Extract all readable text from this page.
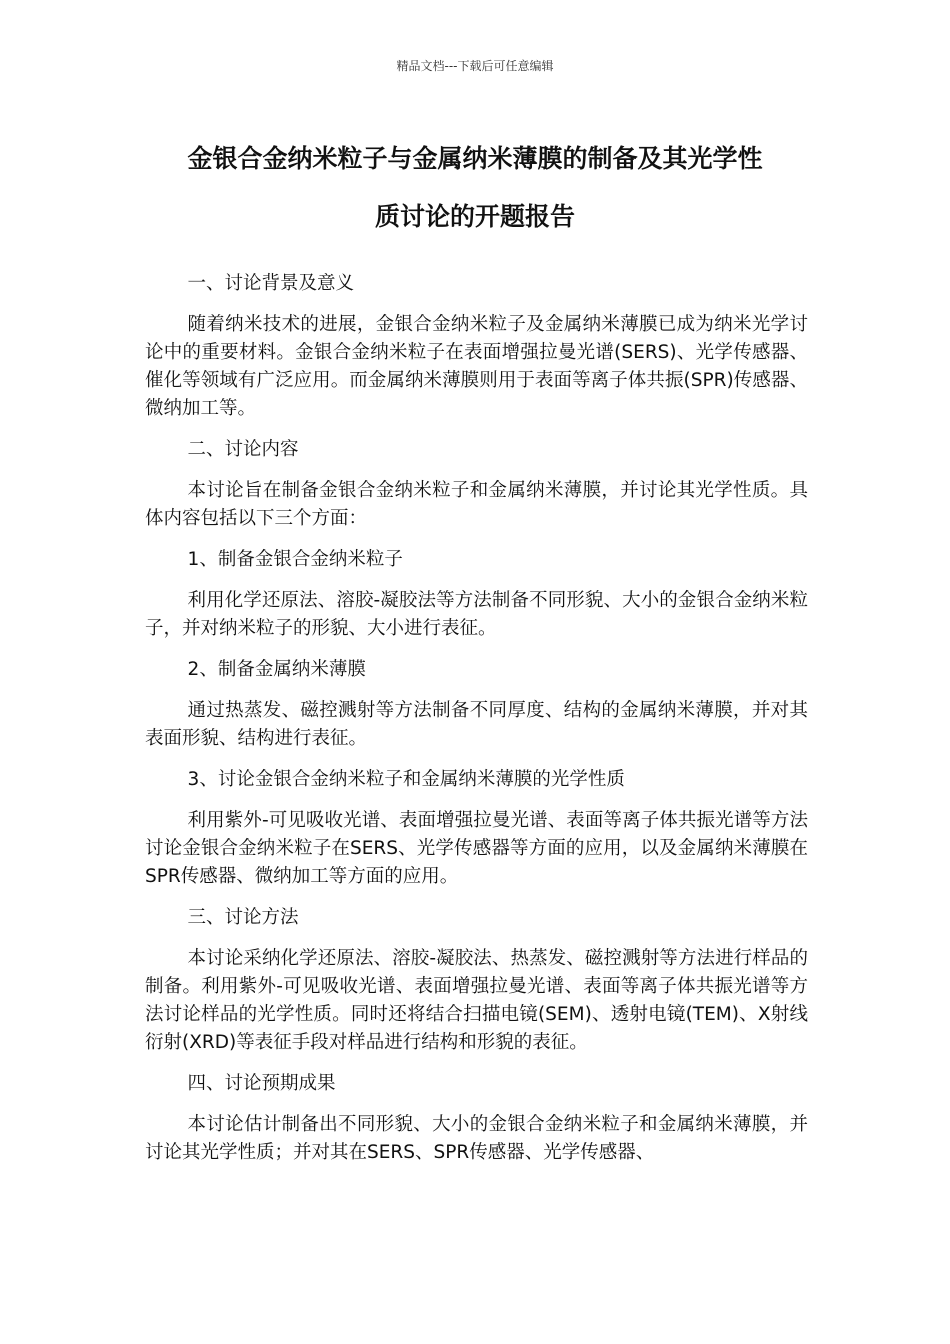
精品文档---下载后可任意编辑
金银合金纳米粒子与金属纳米薄膜的制备及其光学性
质讨论的开题报告

一、讨论背景及意义

随着纳米技术的进展，金银合金纳米粒子及金属纳米薄膜已成为纳米光学讨论中的重要材料。金银合金纳米粒子在表面增强拉曼光谱(SERS)、光学传感器、催化等领域有广泛应用。而金属纳米薄膜则用于表面等离子体共振(SPR)传感器、微纳加工等。

二、讨论内容

本讨论旨在制备金银合金纳米粒子和金属纳米薄膜，并讨论其光学性质。具体内容包括以下三个方面：

1、制备金银合金纳米粒子

利用化学还原法、溶胶-凝胶法等方法制备不同形貌、大小的金银合金纳米粒子，并对纳米粒子的形貌、大小进行表征。

2、制备金属纳米薄膜

通过热蒸发、磁控溅射等方法制备不同厚度、结构的金属纳米薄膜，并对其表面形貌、结构进行表征。

3、讨论金银合金纳米粒子和金属纳米薄膜的光学性质

利用紫外-可见吸收光谱、表面增强拉曼光谱、表面等离子体共振光谱等方法讨论金银合金纳米粒子在SERS、光学传感器等方面的应用，以及金属纳米薄膜在SPR传感器、微纳加工等方面的应用。

三、讨论方法

本讨论采纳化学还原法、溶胶-凝胶法、热蒸发、磁控溅射等方法进行样品的制备。利用紫外-可见吸收光谱、表面增强拉曼光谱、表面等离子体共振光谱等方法讨论样品的光学性质。同时还将结合扫描电镜(SEM)、透射电镜(TEM)、X射线衍射(XRD)等表征手段对样品进行结构和形貌的表征。

四、讨论预期成果

本讨论估计制备出不同形貌、大小的金银合金纳米粒子和金属纳米薄膜，并讨论其光学性质；并对其在SERS、SPR传感器、光学传感器、
